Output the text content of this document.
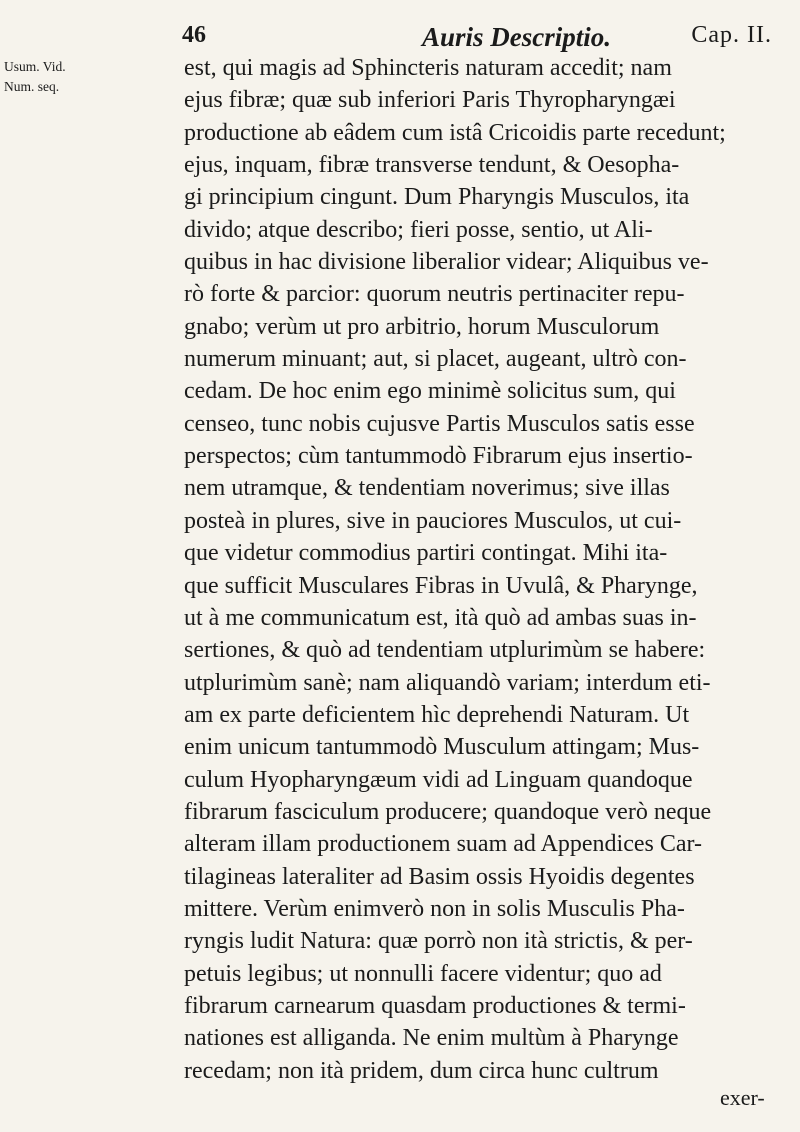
46	Auris Descriptio.	Cap. II.
Usum. Vid.
Num. seq.
est, qui magis ad Sphincteris naturam accedit; nam
ejus fibræ; quæ sub inferiori Paris Thyropharyngæi
productione ab eâdem cum istâ Cricoidis parte recedunt;
ejus, inquam, fibræ transverse tendunt, & Oesopha-
gi principium cingunt. Dum Pharyngis Musculos, ita
divido; atque describo; fieri posse, sentio, ut Ali-
quibus in hac divisione liberalior videar; Aliquibus ve-
rò forte & parcior: quorum neutris pertinaciter repu-
gnabo; verùm ut pro arbitrio, horum Musculorum
numerum minuant; aut, si placet, augeant, ultrò con-
cedam. De hoc enim ego minimè solicitus sum, qui
censeo, tunc nobis cujusve Partis Musculos satis esse
perspectos; cùm tantummodò Fibrarum ejus insertio-
nem utramque, & tendentiam noverimus; sive illas
posteà in plures, sive in pauciores Musculos, ut cui-
que videtur commodius partiri contingat. Mihi ita-
que sufficit Musculares Fibras in Uvulâ, & Pharynge,
ut à me communicatum est, ità quò ad ambas suas in-
sertiones, & quò ad tendentiam utplurimùm se habere:
utplurimùm sanè; nam aliquandò variam; interdum eti-
am ex parte deficientem hìc deprehendi Naturam. Ut
enim unicum tantummodò Musculum attingam; Mus-
culum Hyopharyngæum vidi ad Linguam quandoque
fibrarum fasciculum producere; quandoque verò neque
alteram illam productionem suam ad Appendices Car-
tilagineas lateraliter ad Basim ossis Hyoidis degentes
mittere. Verùm enimverò non in solis Musculis Pha-
ryngis ludit Natura: quæ porrò non ità strictis, & per-
petuis legibus; ut nonnulli facere videntur; quo ad
fibrarum carnearum quasdam productiones & termi-
nationes est alliganda. Ne enim multùm à Pharynge
recedam; non ità pridem, dum circa hunc cultrum
exer-
